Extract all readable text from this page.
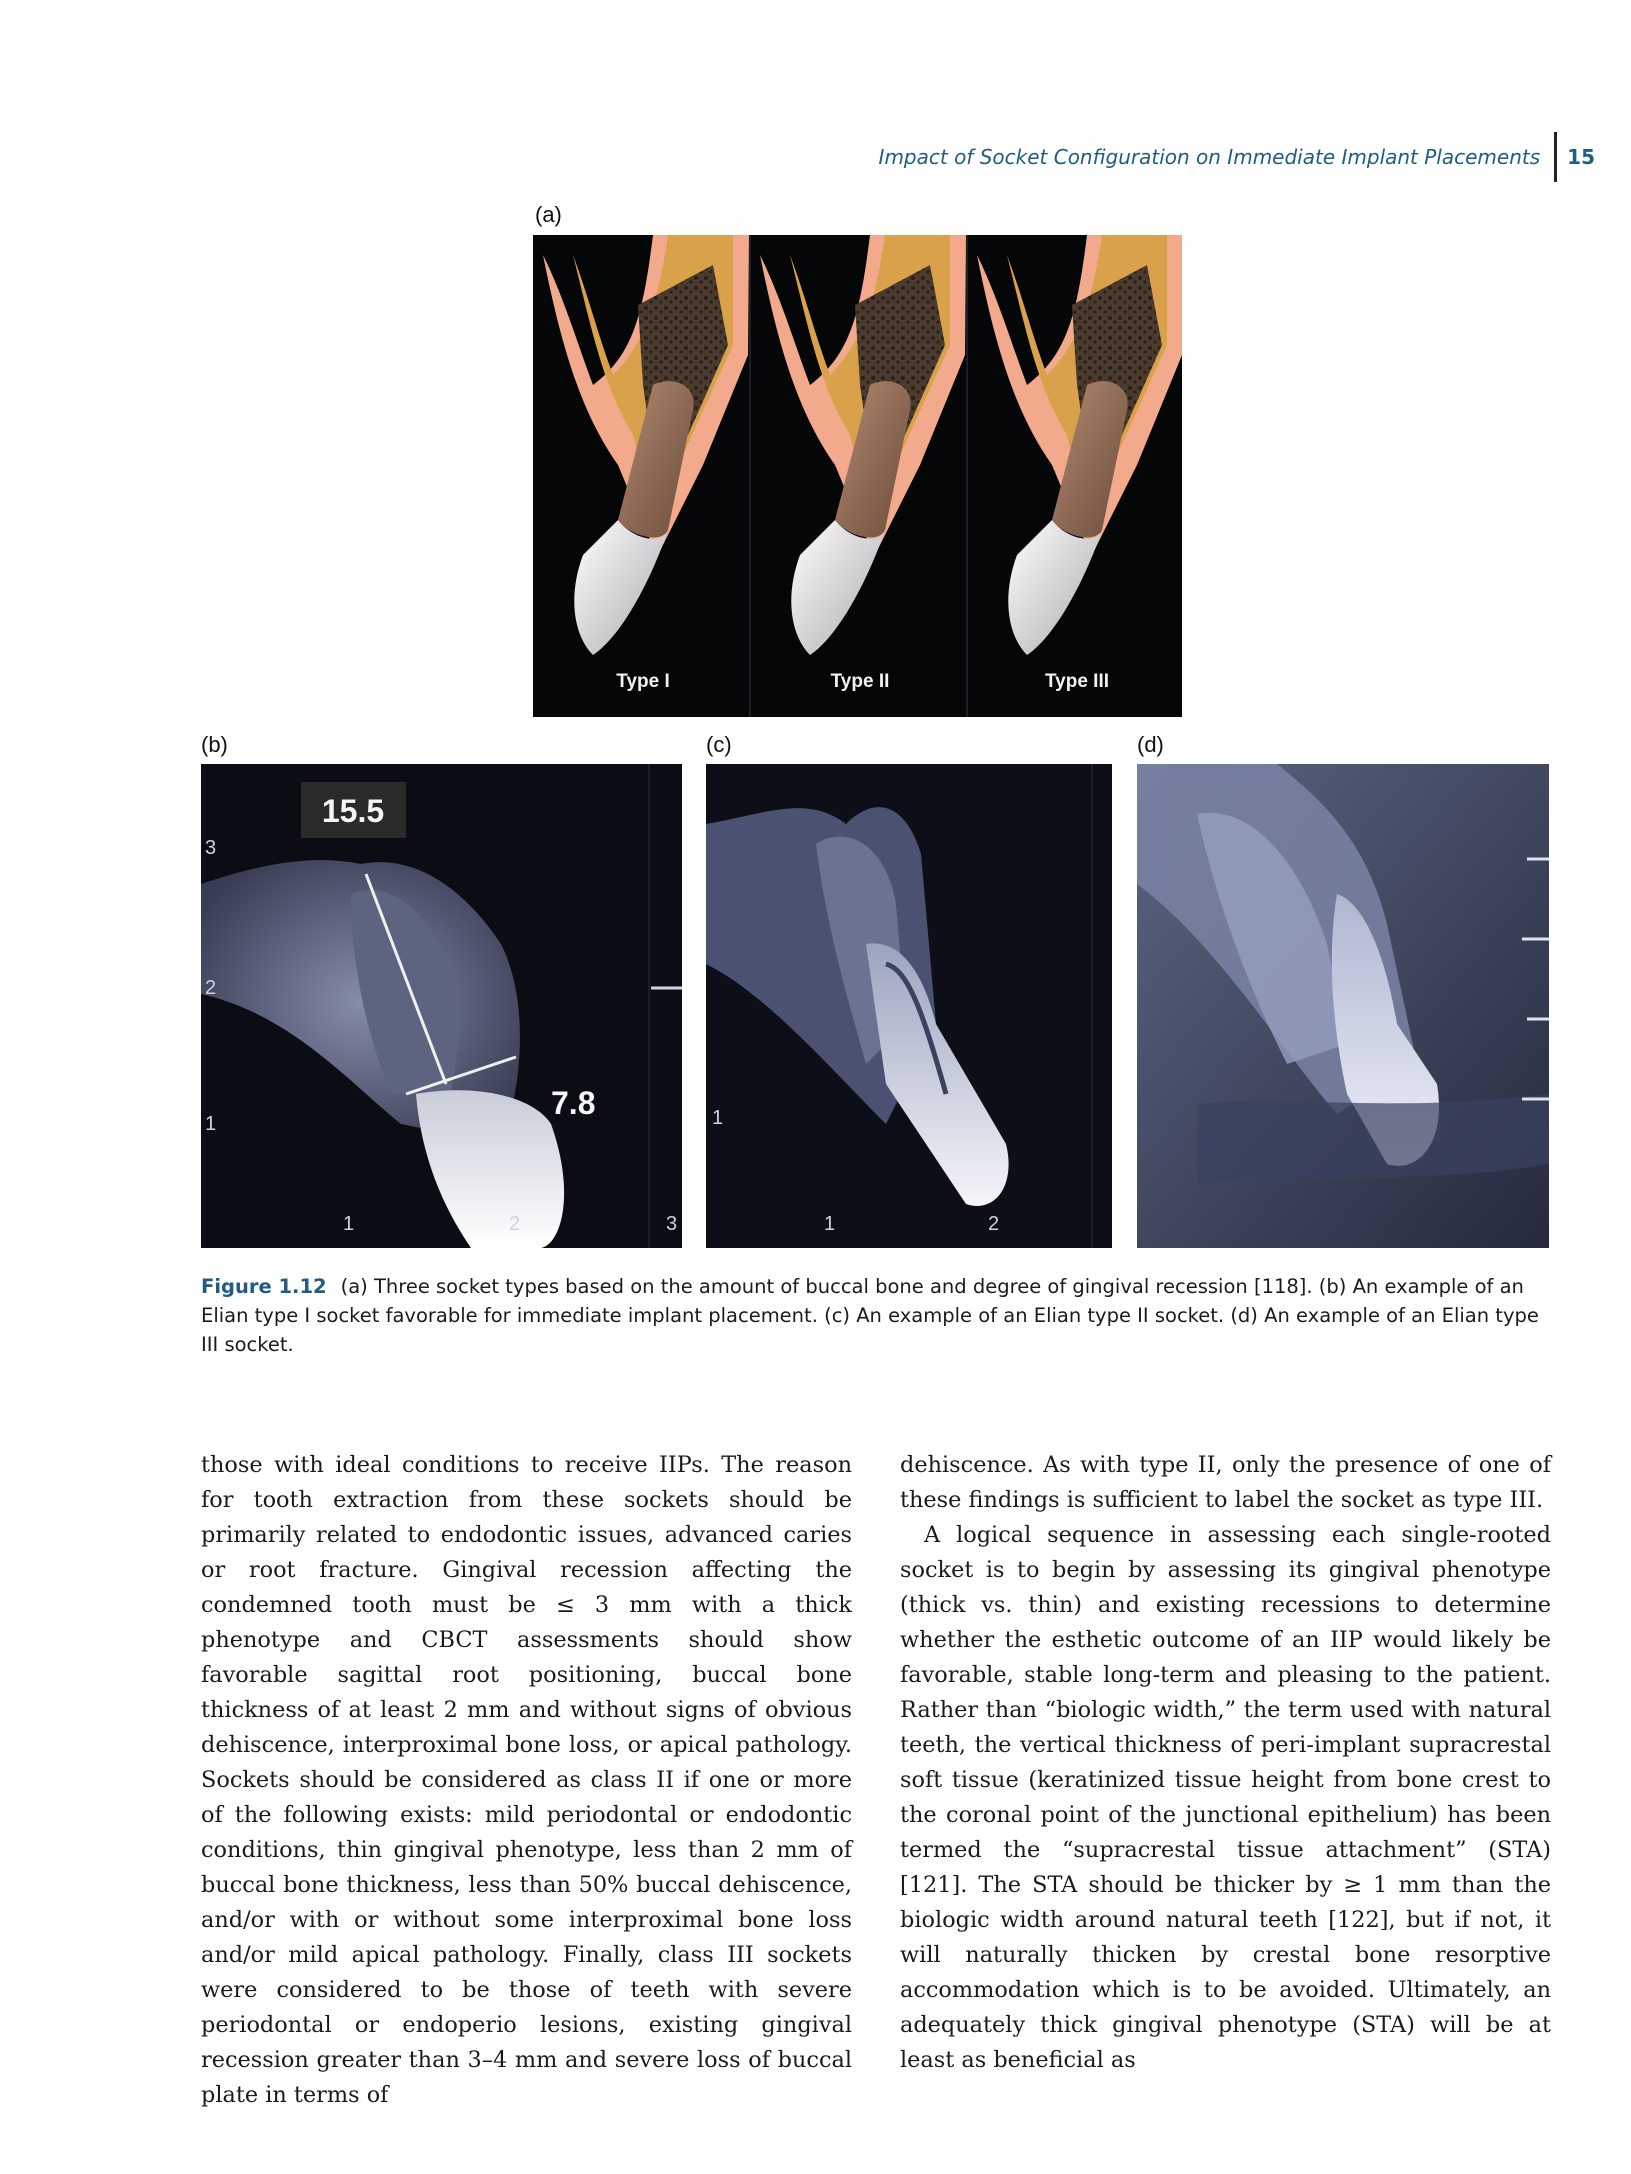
Impact of Socket Configuration on Immediate Implant Placements 15
(a)
(b)	(c)	(d)
Type I	Type II	Type III
15.5
7.8
3
2
1
1	2	3
1
1	2
Figure 1.12 (a) Three socket types based on the amount of buccal bone and degree of gingival recession [118]. (b) An example of an Elian type I socket favorable for immediate implant placement. (c) An example of an Elian type II socket. (d) An example of an Elian type III socket.

those with ideal conditions to receive IIPs. The reason for tooth extraction from these sockets should be primarily related to endodontic issues, advanced caries or root fracture. Gingival recession affecting the condemned tooth must be ≤ 3 mm with a thick phenotype and CBCT assessments should show favorable sagittal root positioning, buccal bone thickness of at least 2 mm and without signs of obvious dehiscence, interproximal bone loss, or apical pathology. Sockets should be considered as class II if one or more of the following exists: mild periodontal or endodontic conditions, thin gingival phenotype, less than 2 mm of buccal bone thickness, less than 50% buccal dehiscence, and/or with or without some interproximal bone loss and/or mild apical pathology. Finally, class III sockets were considered to be those of teeth with severe periodontal or endoperio lesions, existing gingival recession greater than 3–4 mm and severe loss of buccal plate in terms of

dehiscence. As with type II, only the presence of one of these findings is sufficient to label the socket as type III.

A logical sequence in assessing each single-rooted socket is to begin by assessing its gingival phenotype (thick vs. thin) and existing recessions to determine whether the esthetic outcome of an IIP would likely be favorable, stable long-term and pleasing to the patient. Rather than “biologic width,” the term used with natural teeth, the vertical thickness of peri-implant supracrestal soft tissue (keratinized tissue height from bone crest to the coronal point of the junctional epithelium) has been termed the “supracrestal tissue attachment” (STA) [121]. The STA should be thicker by ≥ 1 mm than the biologic width around natural teeth [122], but if not, it will naturally thicken by crestal bone resorptive accommodation which is to be avoided. Ultimately, an adequately thick gingival phenotype (STA) will be at least as beneficial as
